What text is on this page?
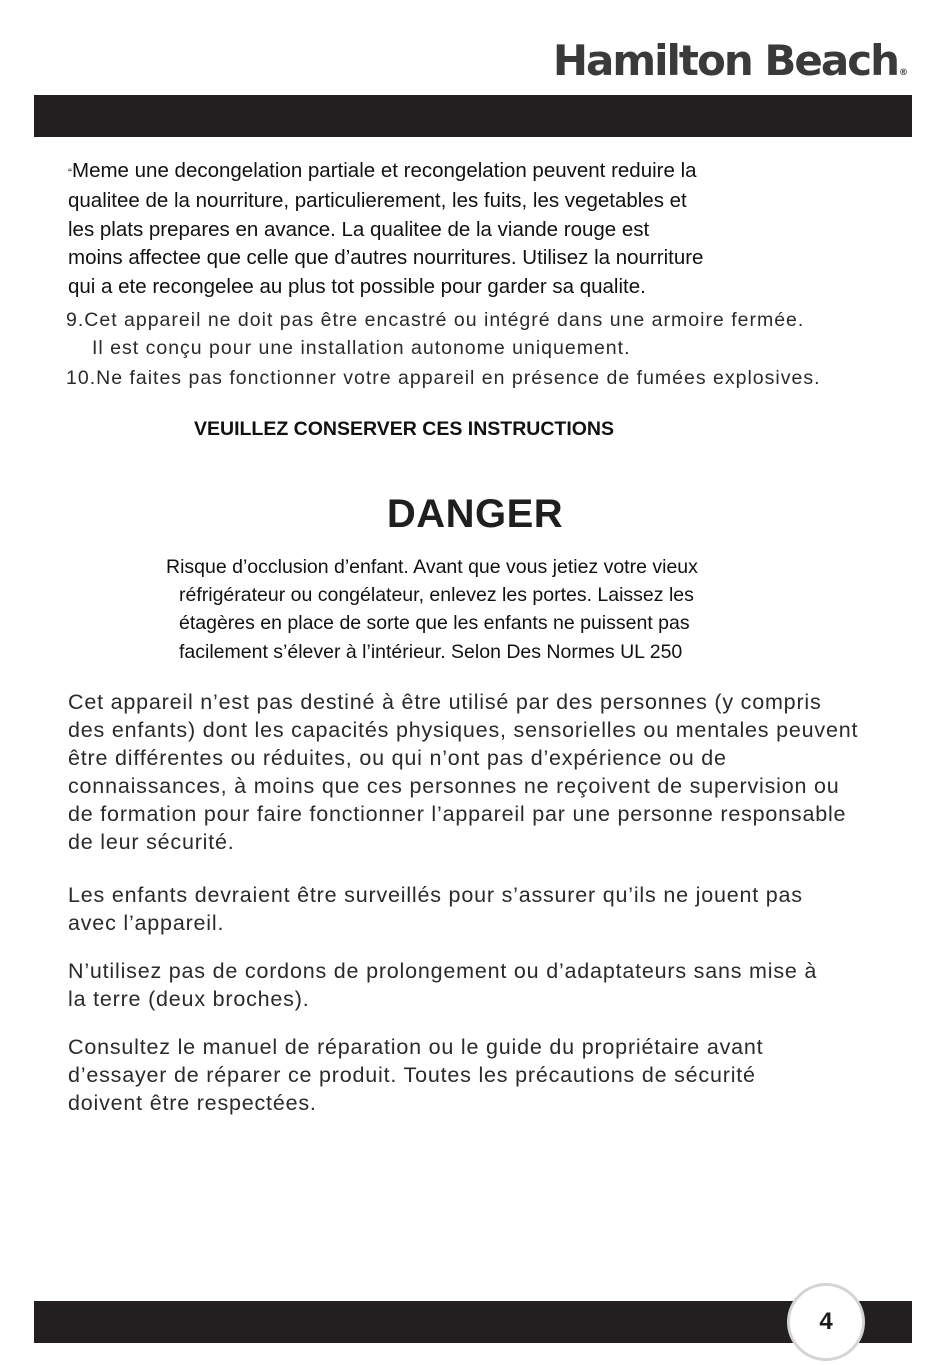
Hamilton Beach®
“Meme une decongelation partiale et recongelation peuvent reduire la
qualitee de la nourriture, particulierement, les fuits, les vegetables et
les plats prepares en avance. La qualitee de la viande rouge est
moins affectee que celle que d’autres nourritures. Utilisez la nourriture
qui a ete recongelee au plus tot possible pour garder sa qualite.
9.Cet appareil ne doit pas être encastré ou intégré dans une armoire fermée.
Il est conçu pour une installation autonome uniquement.
10.Ne faites pas fonctionner votre appareil en présence de fumées explosives.
VEUILLEZ CONSERVER CES INSTRUCTIONS
DANGER
Risque d’occlusion d’enfant. Avant que vous jetiez votre vieux
réfrigérateur ou congélateur, enlevez les portes. Laissez les
étagères en place de sorte que les enfants ne puissent pas
facilement s’élever à l’intérieur. Selon Des Normes UL 250
Cet appareil n’est pas destiné à être utilisé par des personnes (y compris
des enfants) dont les capacités physiques, sensorielles ou mentales peuvent
être différentes ou réduites, ou qui n’ont pas d’expérience ou de
connaissances, à moins que ces personnes ne reçoivent de supervision ou
de formation pour faire fonctionner l’appareil par une personne responsable
de leur sécurité.
Les enfants devraient être surveillés pour s’assurer qu’ils ne jouent pas
avec l’appareil.
N’utilisez pas de cordons de prolongement ou d’adaptateurs sans mise à
la terre (deux broches).
Consultez le manuel de réparation ou le guide du propriétaire avant
d’essayer de réparer ce produit. Toutes les précautions de sécurité
doivent être respectées.
4
